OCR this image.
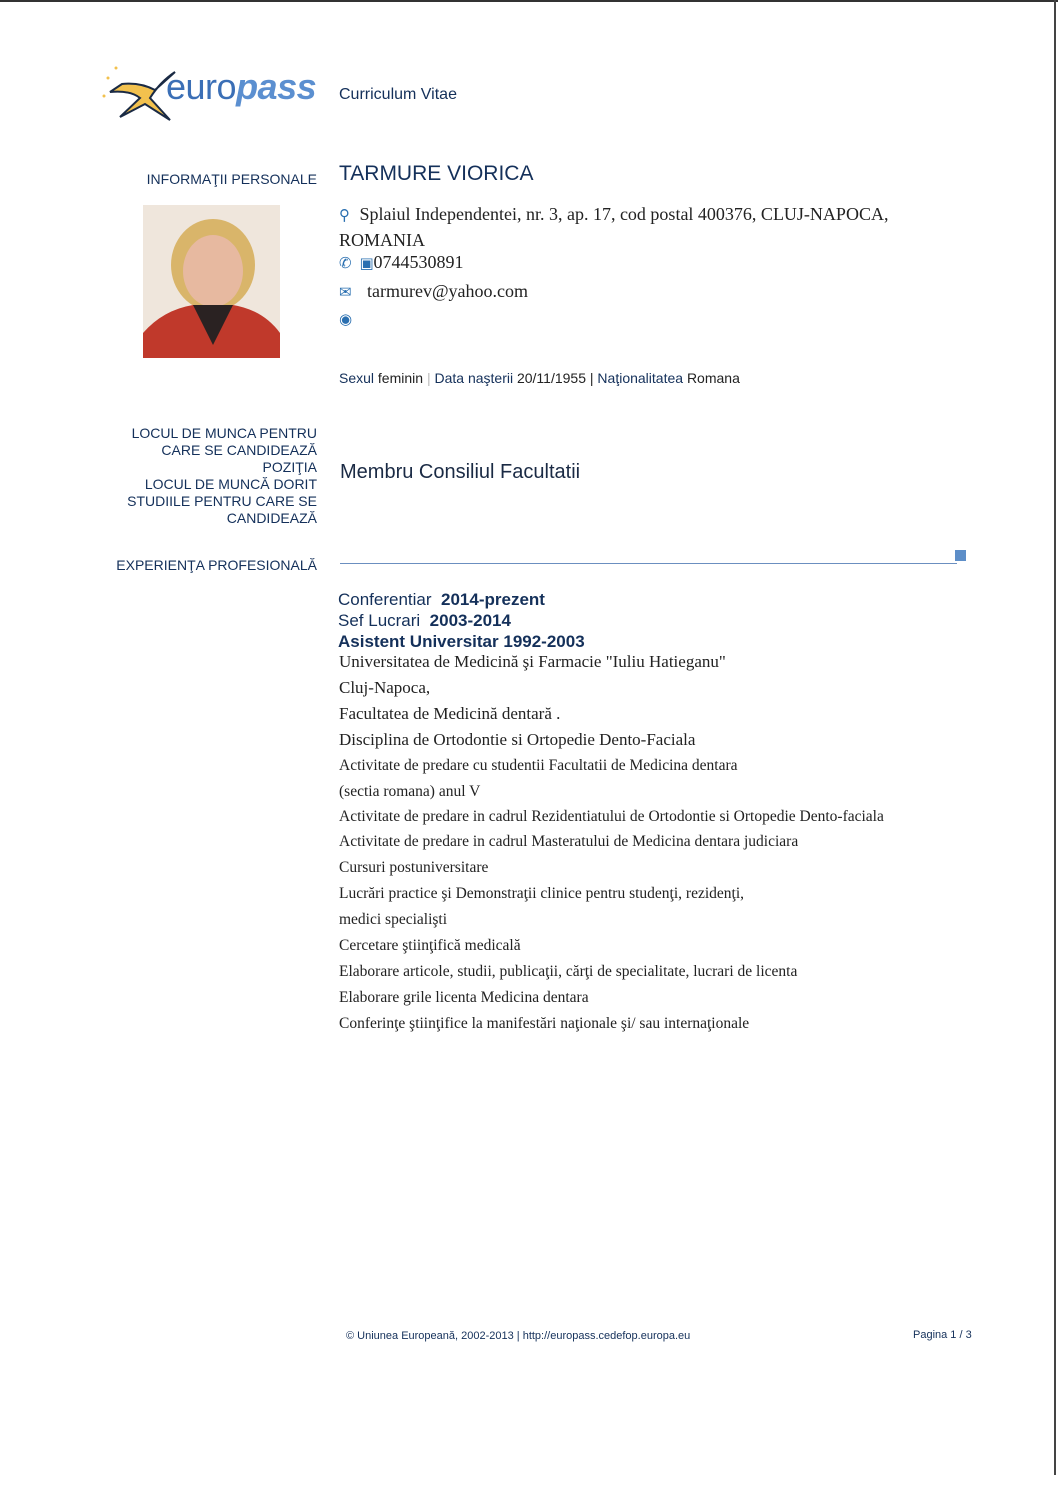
europass Curriculum Vitae
INFORMAŢII PERSONALE TARMURE VIORICA
⚲ Splaiul Independentei, nr. 3, ap. 17, cod postal 400376, CLUJ-NAPOCA,
ROMANIA
✆ ▣0744530891
✉ tarmurev@yahoo.com
◉
Sexul feminin | Data naşterii 20/11/1955 | Naţionalitatea Romana
LOCUL DE MUNCA PENTRU CARE SE CANDIDEAZĂ
POZIŢIA
LOCUL DE MUNCĂ DORIT
STUDIILE PENTRU CARE SE CANDIDEAZĂ
Membru Consiliul Facultatii
EXPERIENŢA PROFESIONALĂ
Conferentiar 2014-prezent
Sef Lucrari 2003-2014
Asistent Universitar 1992-2003
Universitatea de Medicină şi Farmacie "Iuliu Hatieganu"
Cluj-Napoca,
Facultatea de Medicină dentară .
Disciplina de Ortodontie si Ortopedie Dento-Faciala
Activitate de predare cu studentii Facultatii de Medicina dentara
(sectia romana) anul V
Activitate de predare in cadrul Rezidentiatului de Ortodontie si Ortopedie Dento-faciala
Activitate de predare in cadrul Masteratului de Medicina dentara judiciara
Cursuri postuniversitare
Lucrări practice şi Demonstraţii clinice pentru studenţi, rezidenţi,
medici specialişti
Cercetare ştiinţifică medicală
Elaborare articole, studii, publicaţii, cărţi de specialitate, lucrari de licenta
Elaborare grile licenta Medicina dentara
Conferinţe ştiinţifice la manifestări naţionale şi/ sau internaţionale
© Uniunea Europeană, 2002-2013 | http://europass.cedefop.europa.eu	Pagina 1 / 3
